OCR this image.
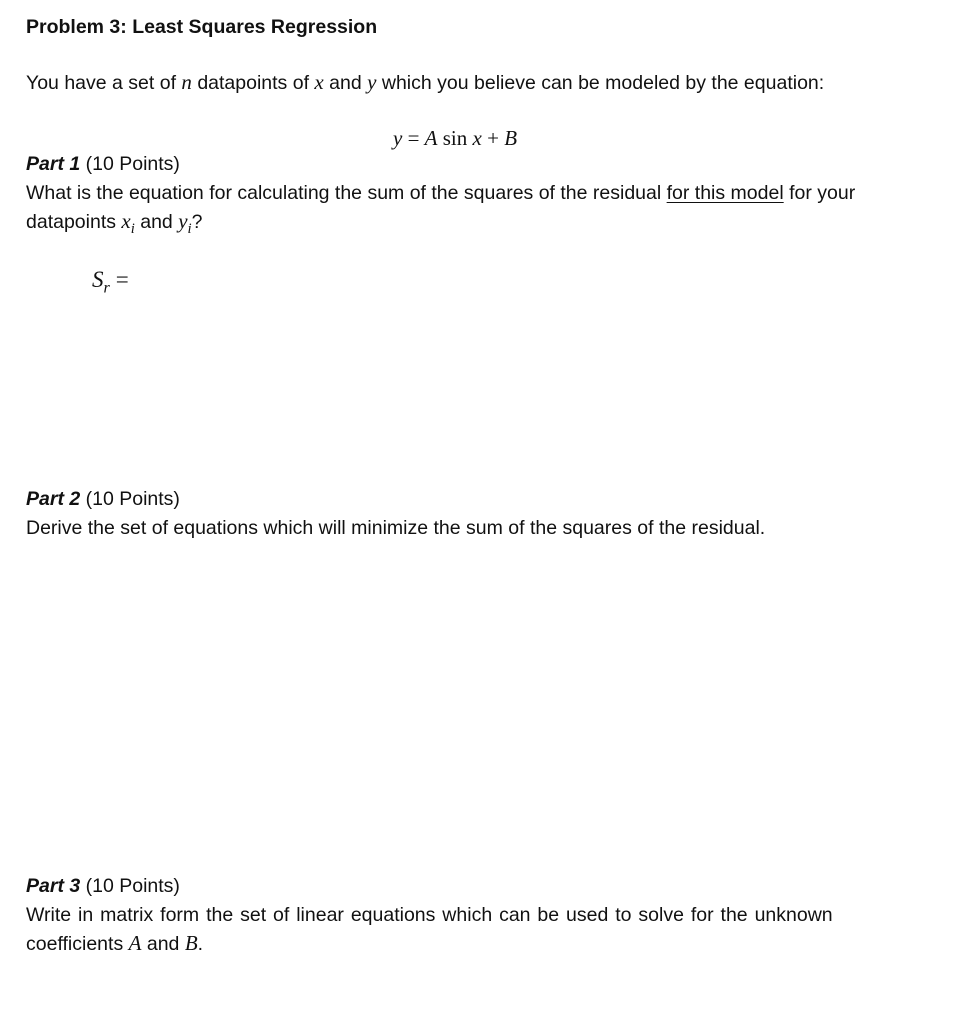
Problem 3: Least Squares Regression
You have a set of n datapoints of x and y which you believe can be modeled by the equation:
y = A sin x + B
Part 1 (10 Points)
What is the equation for calculating the sum of the squares of the residual for this model for your
datapoints $x_i$ and $y_i$?
$S_r$ =
Part 2 (10 Points)
Derive the set of equations which will minimize the sum of the squares of the residual.
Part 3 (10 Points)
Write in matrix form the set of linear equations which can be used to solve for the unknown
coefficients A and B.
